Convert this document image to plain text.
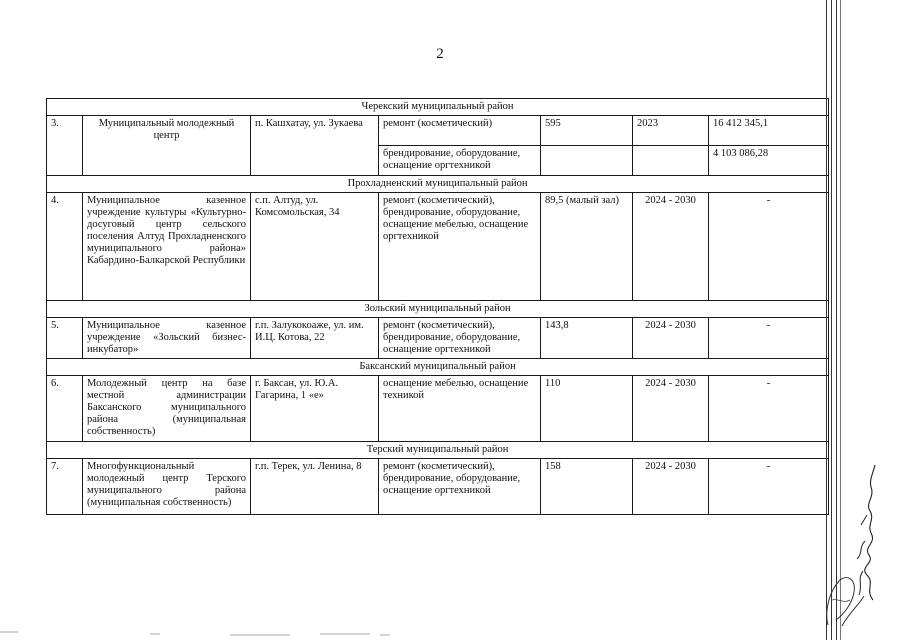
2
Черекский муниципальный район						
3.	Муниципальный молодежный центр	п. Кашхатау, ул. Зукаева	ремонт (косметический)	595	2023	16 412 345,1
			брендирование, оборудование, оснащение оргтехникой			4 103 086,28
Прохладненский муниципальный район						
4.	Муниципальное казенное учреждение культуры «Культурно-досуговый центр сельского поселения Алтуд Прохладненского муниципального района» Кабардино-Балкарской Республики	с.п. Алтуд, ул. Комсомольская, 34	ремонт (косметический), брендирование, оборудование, оснащение мебелью, оснащение оргтехникой	89,5 (малый зал)	2024 - 2030	-
Зольский муниципальный район						
5.	Муниципальное казенное учреждение «Зольский бизнес-инкубатор»	г.п. Залукокоаже, ул. им. И.Ц. Котова, 22	ремонт (косметический), брендирование, оборудование, оснащение оргтехникой	143,8	2024 - 2030	-
Баксанский муниципальный район						
6.	Молодежный центр на базе местной администрации Баксанского муниципального района (муниципальная собственность)	г. Баксан, ул. Ю.А. Гагарина, 1 «е»	оснащение мебелью, оснащение техникой	110	2024 - 2030	-
Терский муниципальный район						
7.	Многофункциональный молодежный центр Терского муниципального района (муниципальная собственность)	г.п. Терек, ул. Ленина, 8	ремонт (косметический), брендирование, оборудование, оснащение оргтехникой	158	2024 - 2030	-
